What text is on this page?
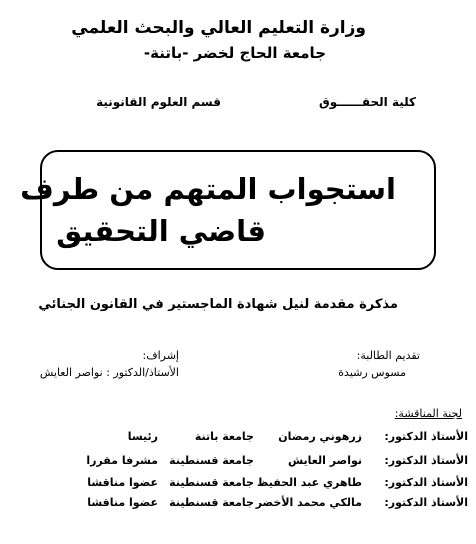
وزارة التعليم العالي والبحث العلمي
جامعة الحاج لخضر -باتنة-
كلية الحقــــــوق
قسم العلوم القانونية
استجواب المتهم من طرف
قاضي التحقيق
مذكرة مقدمة لنيل شهادة الماجستير في القانون الجنائي
تقديم الطالبة:
مسوس رشيدة
إشراف:
الأستاذ/الدكتور : نواصر العايش
لجنة المناقشة:
الأستاذ الدكتور:
زرهوني رمضان
جامعة باتنة
رئيسا
الأستاذ الدكتور:
نواصر العايش
جامعة قسنطينة
مشرفا مقررا
الأستاذ الدكتور:
طاهري عبد الحفيظ
جامعة قسنطينة
عضوا مناقشا
الأستاذ الدكتور:
مالكي محمد الأخضر
جامعة قسنطينة
عضوا مناقشا
